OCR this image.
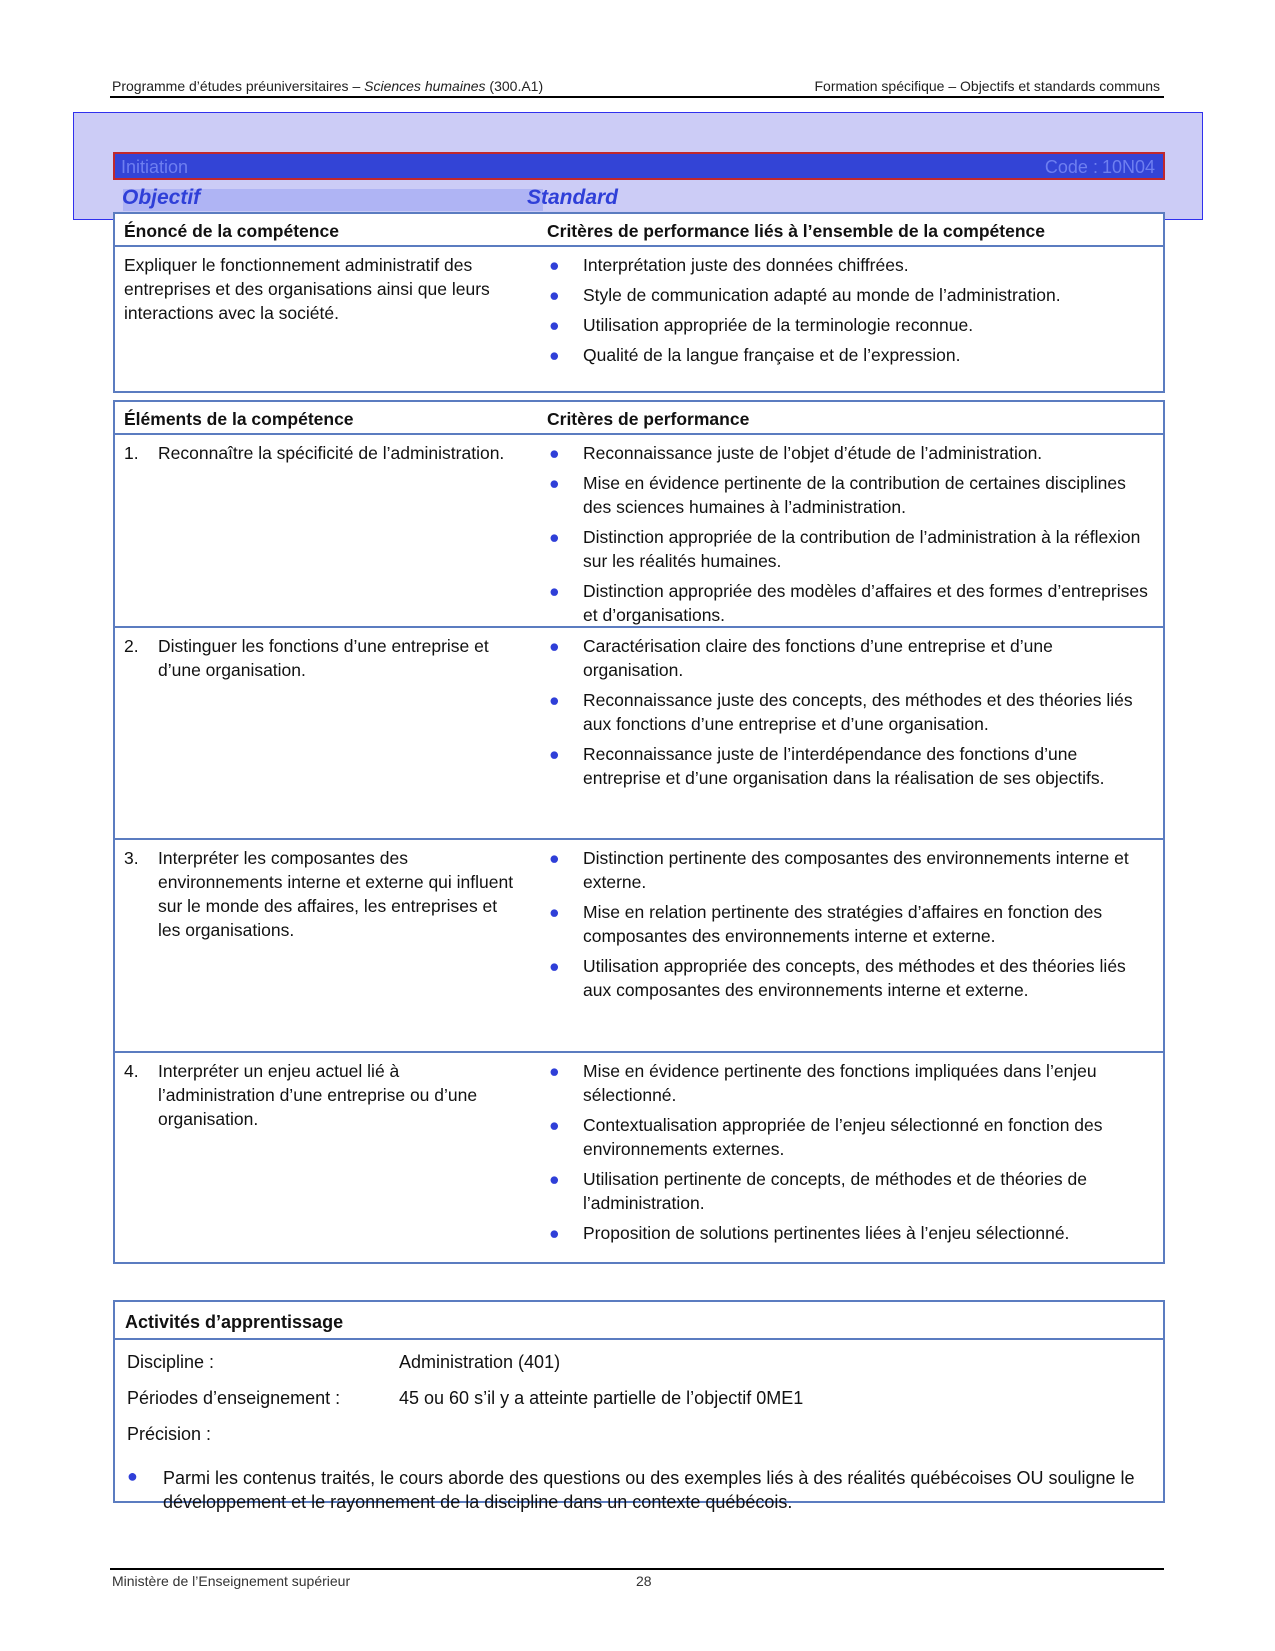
Programme d’études préuniversitaires – Sciences humaines (300.A1)	Formation spécifique – Objectifs et standards communs
Initiation	Code : 10N04
Objectif	Standard
Énoncé de la compétence	Critères de performance liés à l’ensemble de la compétence
Expliquer le fonctionnement administratif des entreprises et des organisations ainsi que leurs interactions avec la société.
● Interprétation juste des données chiffrées.
● Style de communication adapté au monde de l’administration.
● Utilisation appropriée de la terminologie reconnue.
● Qualité de la langue française et de l’expression.
Éléments de la compétence	Critères de performance
1. Reconnaître la spécificité de l’administration.	● Reconnaissance juste de l’objet d’étude de l’administration.
● Mise en évidence pertinente de la contribution de certaines disciplines des sciences humaines à l’administration.
● Distinction appropriée de la contribution de l’administration à la réflexion sur les réalités humaines.
● Distinction appropriée des modèles d’affaires et des formes d’entreprises et d’organisations.
2. Distinguer les fonctions d’une entreprise et d’une organisation.
● Caractérisation claire des fonctions d’une entreprise et d’une organisation.
● Reconnaissance juste des concepts, des méthodes et des théories liés aux fonctions d’une entreprise et d’une organisation.
● Reconnaissance juste de l’interdépendance des fonctions d’une entreprise et d’une organisation dans la réalisation de ses objectifs.
3. Interpréter les composantes des environnements interne et externe qui influent sur le monde des affaires, les entreprises et les organisations.
● Distinction pertinente des composantes des environnements interne et externe.
● Mise en relation pertinente des stratégies d’affaires en fonction des composantes des environnements interne et externe.
● Utilisation appropriée des concepts, des méthodes et des théories liés aux composantes des environnements interne et externe.
4. Interpréter un enjeu actuel lié à l’administration d’une entreprise ou d’une organisation.
● Mise en évidence pertinente des fonctions impliquées dans l’enjeu sélectionné.
● Contextualisation appropriée de l’enjeu sélectionné en fonction des environnements externes.
● Utilisation pertinente de concepts, de méthodes et de théories de l’administration.
● Proposition de solutions pertinentes liées à l’enjeu sélectionné.
Activités d’apprentissage
Discipline :	Administration (401)
Périodes d’enseignement :	45 ou 60 s’il y a atteinte partielle de l’objectif 0ME1
Précision :
● Parmi les contenus traités, le cours aborde des questions ou des exemples liés à des réalités québécoises OU souligne le développement et le rayonnement de la discipline dans un contexte québécois.
Ministère de l’Enseignement supérieur	28
